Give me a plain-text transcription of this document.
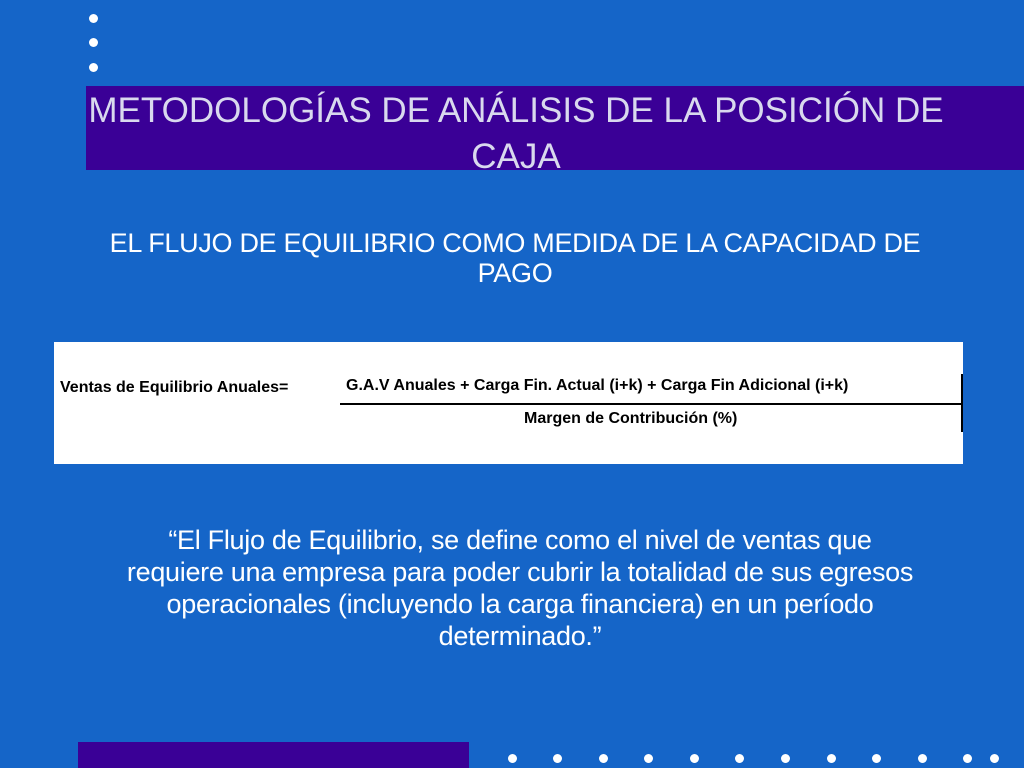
METODOLOGÍAS DE ANÁLISIS DE LA POSICIÓN DE CAJA
EL FLUJO DE EQUILIBRIO COMO MEDIDA DE LA CAPACIDAD DE PAGO
Ventas de Equilibrio Anuales=	G.A.V Anuales + Carga Fin. Actual (i+k) + Carga Fin Adicional (i+k)
Margen de Contribución (%)
“El Flujo de Equilibrio, se define como el nivel de ventas que requiere una empresa para poder cubrir la totalidad de sus egresos operacionales (incluyendo la carga financiera) en un período determinado.”
